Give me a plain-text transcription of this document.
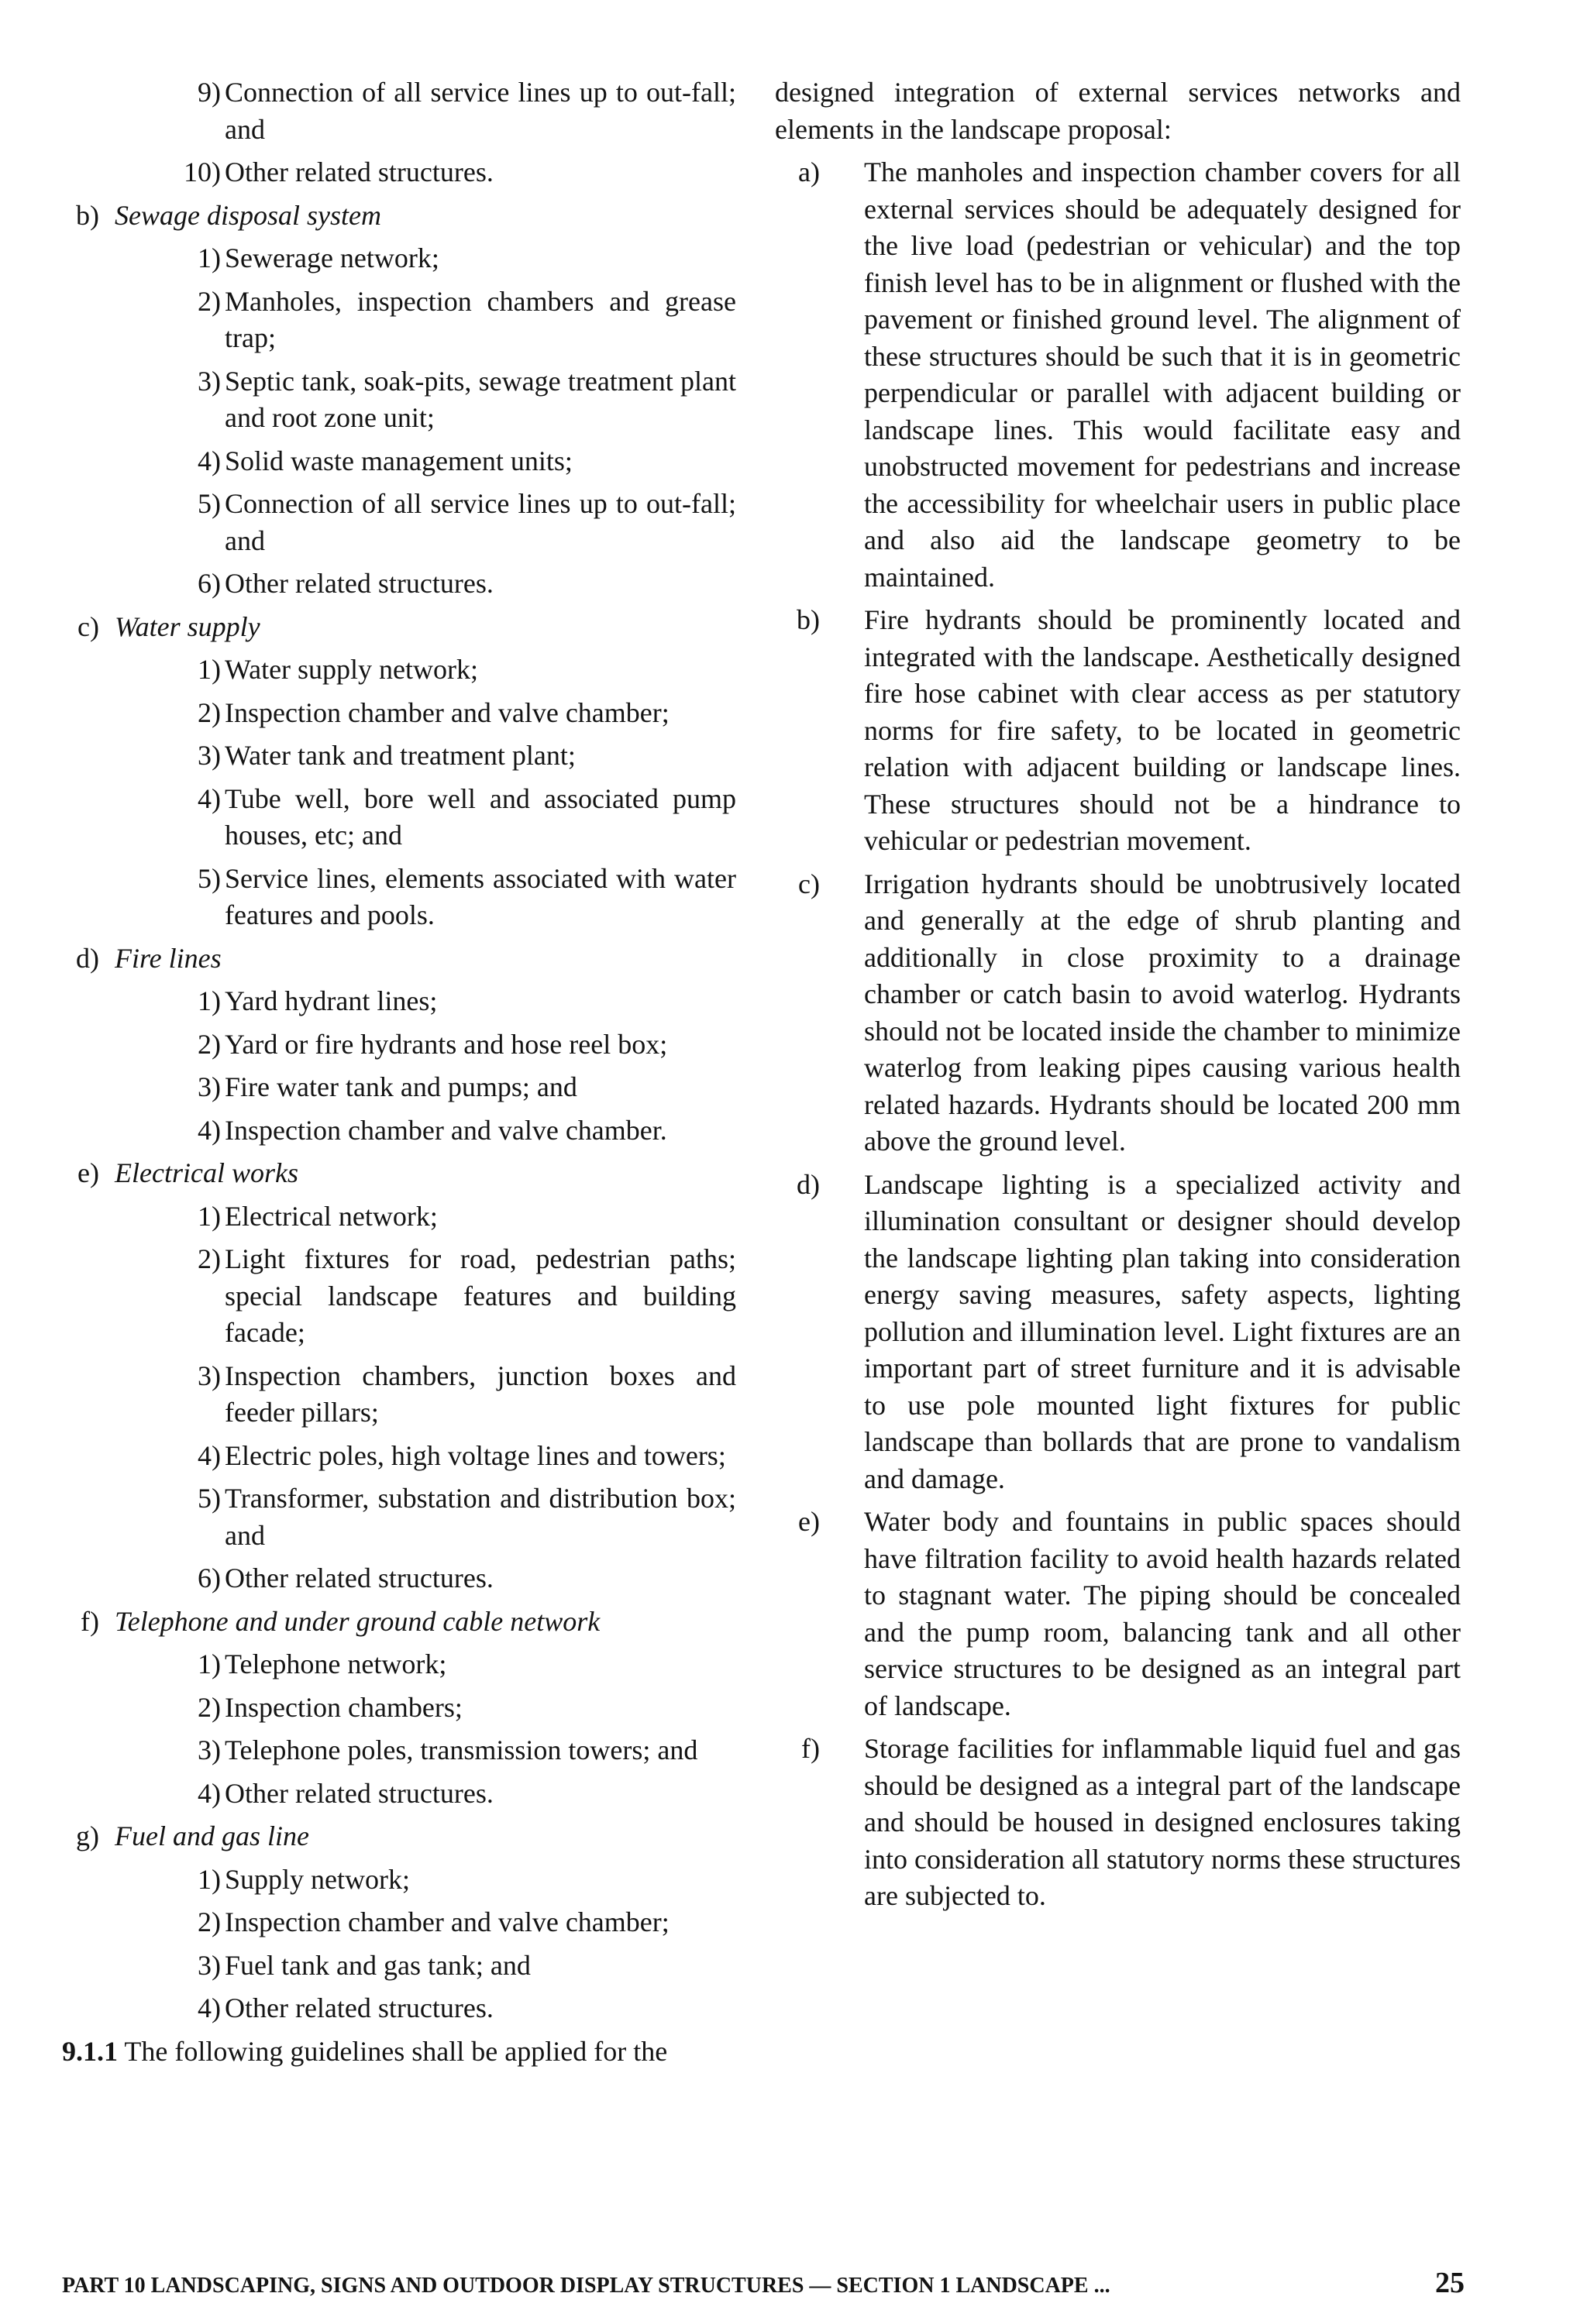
9) Connection of all service lines up to out-fall; and
10) Other related structures.
b) Sewage disposal system
1) Sewerage network;
2) Manholes, inspection chambers and grease trap;
3) Septic tank, soak-pits, sewage treatment plant and root zone unit;
4) Solid waste management units;
5) Connection of all service lines up to out-fall; and
6) Other related structures.
c) Water supply
1) Water supply network;
2) Inspection chamber and valve chamber;
3) Water tank and treatment plant;
4) Tube well, bore well and associated pump houses, etc; and
5) Service lines, elements associated with water features and pools.
d) Fire lines
1) Yard hydrant lines;
2) Yard or fire hydrants and hose reel box;
3) Fire water tank and pumps; and
4) Inspection chamber and valve chamber.
e) Electrical works
1) Electrical network;
2) Light fixtures for road, pedestrian paths; special landscape features and building facade;
3) Inspection chambers, junction boxes and feeder pillars;
4) Electric poles, high voltage lines and towers;
5) Transformer, substation and distribution box; and
6) Other related structures.
f) Telephone and under ground cable network
1) Telephone network;
2) Inspection chambers;
3) Telephone poles, transmission towers; and
4) Other related structures.
g) Fuel and gas line
1) Supply network;
2) Inspection chamber and valve chamber;
3) Fuel tank and gas tank; and
4) Other related structures.
9.1.1 The following guidelines shall be applied for the
designed integration of external services networks and elements in the landscape proposal:
a) The manholes and inspection chamber covers for all external services should be adequately designed for the live load (pedestrian or vehicular) and the top finish level has to be in alignment or flushed with the pavement or finished ground level. The alignment of these structures should be such that it is in geometric perpendicular or parallel with adjacent building or landscape lines. This would facilitate easy and unobstructed movement for pedestrians and increase the accessibility for wheelchair users in public place and also aid the landscape geometry to be maintained.
b) Fire hydrants should be prominently located and integrated with the landscape. Aesthetically designed fire hose cabinet with clear access as per statutory norms for fire safety, to be located in geometric relation with adjacent building or landscape lines. These structures should not be a hindrance to vehicular or pedestrian movement.
c) Irrigation hydrants should be unobtrusively located and generally at the edge of shrub planting and additionally in close proximity to a drainage chamber or catch basin to avoid waterlog. Hydrants should not be located inside the chamber to minimize waterlog from leaking pipes causing various health related hazards. Hydrants should be located 200 mm above the ground level.
d) Landscape lighting is a specialized activity and illumination consultant or designer should develop the landscape lighting plan taking into consideration energy saving measures, safety aspects, lighting pollution and illumination level. Light fixtures are an important part of street furniture and it is advisable to use pole mounted light fixtures for public landscape than bollards that are prone to vandalism and damage.
e) Water body and fountains in public spaces should have filtration facility to avoid health hazards related to stagnant water. The piping should be concealed and the pump room, balancing tank and all other service structures to be designed as an integral part of landscape.
f) Storage facilities for inflammable liquid fuel and gas should be designed as a integral part of the landscape and should be housed in designed enclosures taking into consideration all statutory norms these structures are subjected to.
PART 10 LANDSCAPING, SIGNS AND OUTDOOR DISPLAY STRUCTURES — SECTION 1 LANDSCAPE ...	25
